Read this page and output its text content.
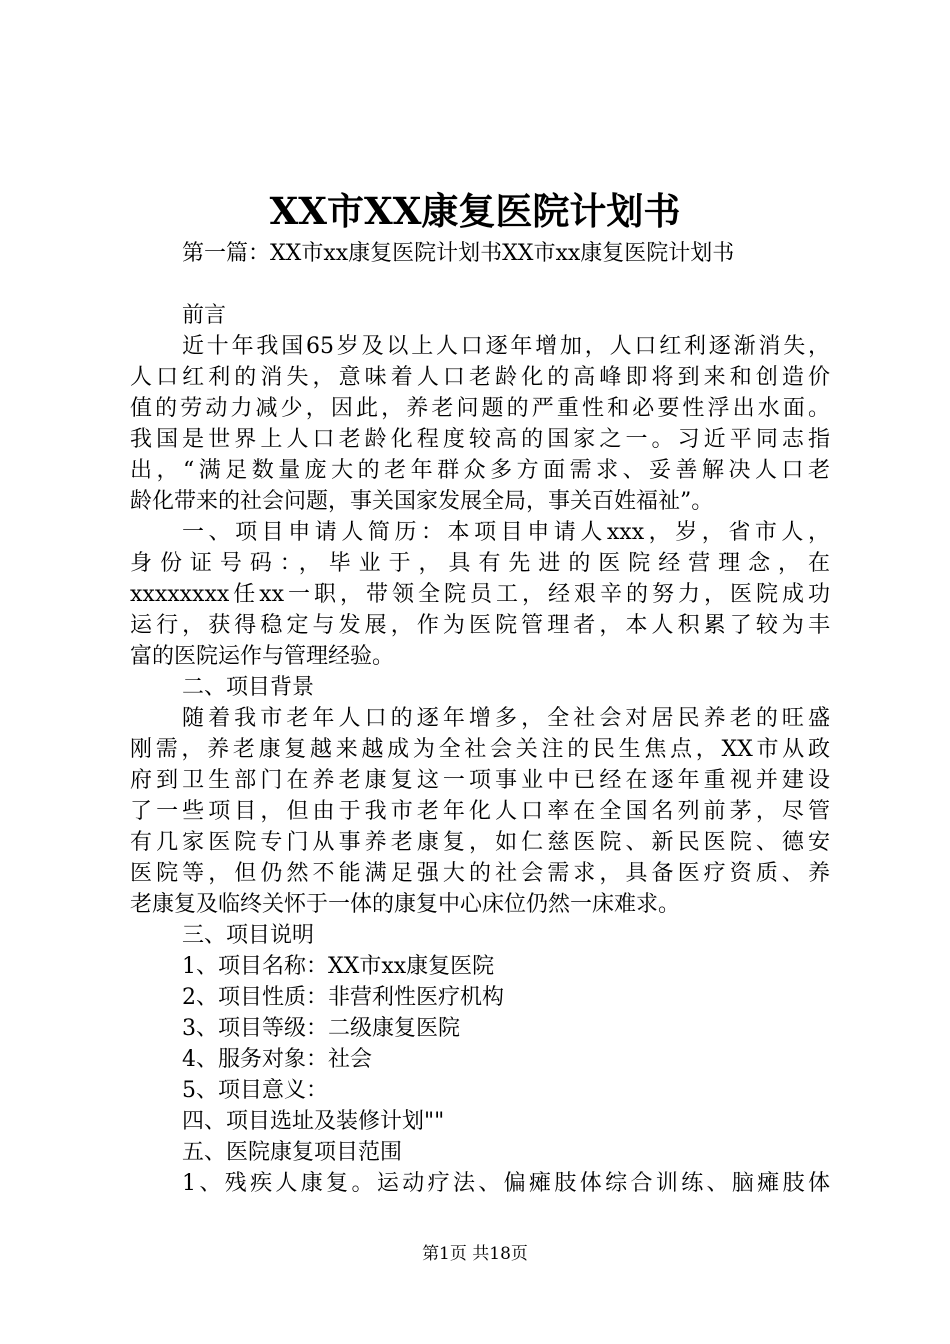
XX市XX康复医院计划书
第一篇：XX市xx康复医院计划书XX市xx康复医院计划书
前言
近十年我国65岁及以上人口逐年增加，人口红利逐渐消失，
人口红利的消失，意味着人口老龄化的高峰即将到来和创造价
值的劳动力减少，因此，养老问题的严重性和必要性浮出水面。
我国是世界上人口老龄化程度较高的国家之一。习近平同志指
出，“满足数量庞大的老年群众多方面需求、妥善解决人口老
龄化带来的社会问题，事关国家发展全局，事关百姓福祉”。
一、项目申请人简历：本项目申请人xxx，岁，省市人，
身份证号码：，毕业于，具有先进的医院经营理念，在
xxxxxxxx任xx一职，带领全院员工，经艰辛的努力，医院成功
运行，获得稳定与发展，作为医院管理者，本人积累了较为丰
富的医院运作与管理经验。
二、项目背景
随着我市老年人口的逐年增多，全社会对居民养老的旺盛
刚需，养老康复越来越成为全社会关注的民生焦点，XX市从政
府到卫生部门在养老康复这一项事业中已经在逐年重视并建设
了一些项目，但由于我市老年化人口率在全国名列前茅，尽管
有几家医院专门从事养老康复，如仁慈医院、新民医院、德安
医院等，但仍然不能满足强大的社会需求，具备医疗资质、养
老康复及临终关怀于一体的康复中心床位仍然一床难求。
三、项目说明
1、项目名称：XX市xx康复医院
2、项目性质：非营利性医疗机构
3、项目等级：二级康复医院
4、服务对象：社会
5、项目意义：
四、项目选址及装修计划""
五、医院康复项目范围
1、残疾人康复。运动疗法、偏瘫肢体综合训练、脑瘫肢体
第1页 共18页
